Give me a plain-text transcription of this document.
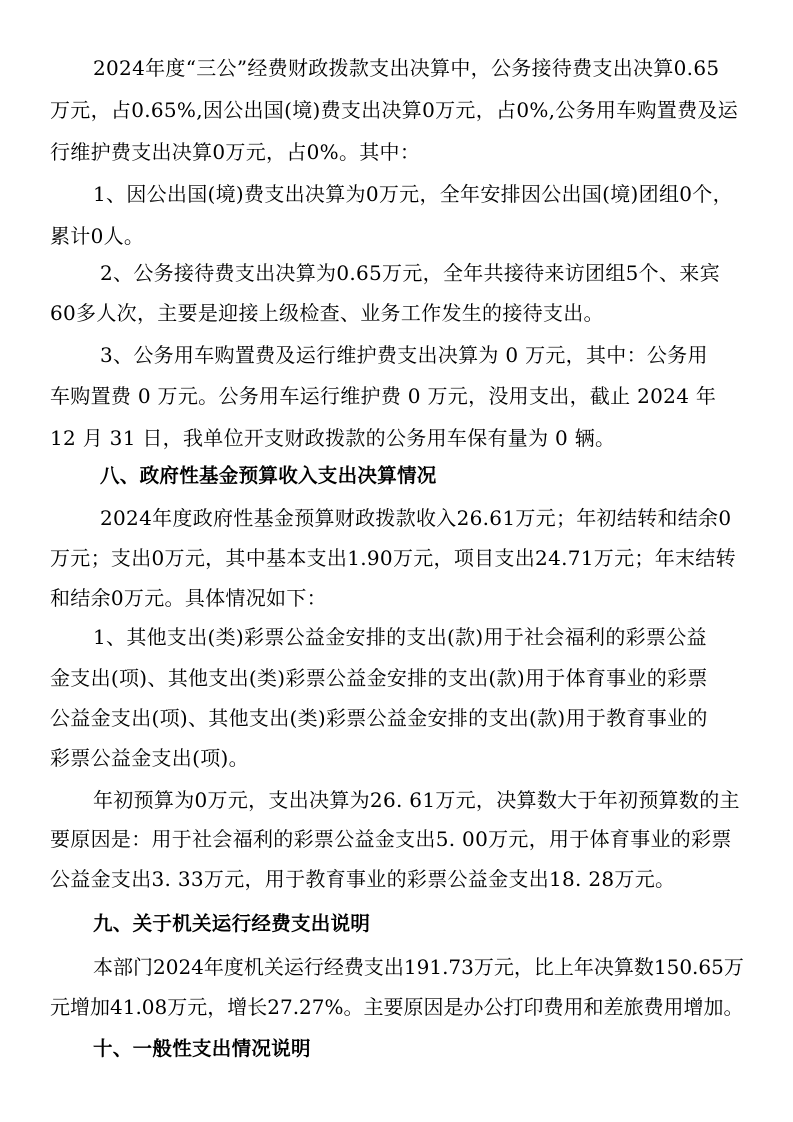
2024年度“三公”经费财政拨款支出决算中，公务接待费支出决算0.65
万元，占0.65%,因公出国(境)费支出决算0万元，占0%,公务用车购置费及运
行维护费支出决算0万元，占0%。其中：
1、因公出国(境)费支出决算为0万元，全年安排因公出国(境)团组0个，
累计0人。
2、公务接待费支出决算为0.65万元，全年共接待来访团组5个、来宾
60多人次，主要是迎接上级检查、业务工作发生的接待支出。
3、公务用车购置费及运行维护费支出决算为 0 万元，其中：公务用
车购置费 0 万元。公务用车运行维护费 0 万元，没用支出，截止 2024 年
12 月 31 日，我单位开支财政拨款的公务用车保有量为 0 辆。
八、政府性基金预算收入支出决算情况
2024年度政府性基金预算财政拨款收入26.61万元；年初结转和结余0
万元；支出0万元，其中基本支出1.90万元，项目支出24.71万元；年末结转
和结余0万元。具体情况如下：
1、其他支出(类)彩票公益金安排的支出(款)用于社会福利的彩票公益
金支出(项)、其他支出(类)彩票公益金安排的支出(款)用于体育事业的彩票
公益金支出(项)、其他支出(类)彩票公益金安排的支出(款)用于教育事业的
彩票公益金支出(项)。
年初预算为0万元，支出决算为26. 61万元，决算数大于年初预算数的主
要原因是：用于社会福利的彩票公益金支出5. 00万元，用于体育事业的彩票
公益金支出3. 33万元，用于教育事业的彩票公益金支出18. 28万元。
九、关于机关运行经费支出说明
本部门2024年度机关运行经费支出191.73万元，比上年决算数150.65万
元增加41.08万元，增长27.27%。主要原因是办公打印费用和差旅费用增加。
十、一般性支出情况说明
